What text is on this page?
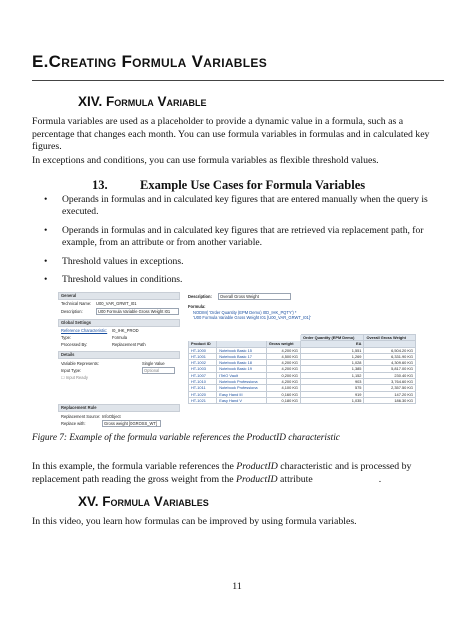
E.Creating Formula Variables
XIV. Formula Variable
Formula variables are used as a placeholder to provide a dynamic value in a formula, such as a percentage that changes each month. You can use formula variables in formulas and in calculated key figures.
In exceptions and conditions, you can use formula variables as flexible threshold values.
13.	Example Use Cases for Formula Variables
• Operands in formulas and in calculated key figures that are entered manually when the query is executed.
• Operands in formulas and in calculated key figures that are retrieved via replacement path, for example, from an attribute or from another variable.
• Threshold values in exceptions.
• Threshold values in conditions.
General
Technical Name: U00_VAR_GRWT_I01
Description:	U00 Formula Variable Gross Weight I01
Global Settings
Reference Characteristic: I0_IHK_PROD
Type:	Formula
Processed By:	Replacement Path
Details
Variable Represents:	Single Value
Input Type:	Optional
☐ Input Ready
Replacement Rule
Replacement Source: InfoObject
Replace with:	Gross weight [0GROSS_WT]
Description:	Overall Gross Weight
Formula:
NODIM( 'Order Quantity (EPM Demo) I0D_IHK_PQTY') *
'U00 Formula Variable Gross Weight I01 [U00_VAR_GRWT_I01]'
			Order Quantity (EPM Demo)	Overall Gross Weight
Product ID		Gross weight	EA	
HT-1000	Notebook Basic 15	4,200 KG	1,551	6,504.20 KG
HT-1001	Notebook Basic 17	4,500 KG	1,269	6,331.90 KG
HT-1002	Notebook Basic 18	4,200 KG	1,028	4,309.60 KG
HT-1003	Notebook Basic 19	4,200 KG	1,385	5,817.00 KG
HT-1007	ITelO Vault	0,200 KG	1,152	230.40 KG
HT-1010	Notebook Professiona	4,200 KG	903	3,764.60 KG
HT-1011	Notebook Professiona	4,100 KG	575	2,357.50 KG
HT-1020	Easy Hand III	0,160 KG	919	147.20 KG
HT-1021	Easy Hand V	0,180 KG	1,035	186.30 KG
Figure 7: Example of the formula variable references the ProductID characteristic
In this example, the formula variable references the ProductID characteristic and is processed by replacement path reading the gross weight from the ProductID attribute	.
XV. Formula Variables
In this video, you learn how formulas can be improved by using formula variables.
11
